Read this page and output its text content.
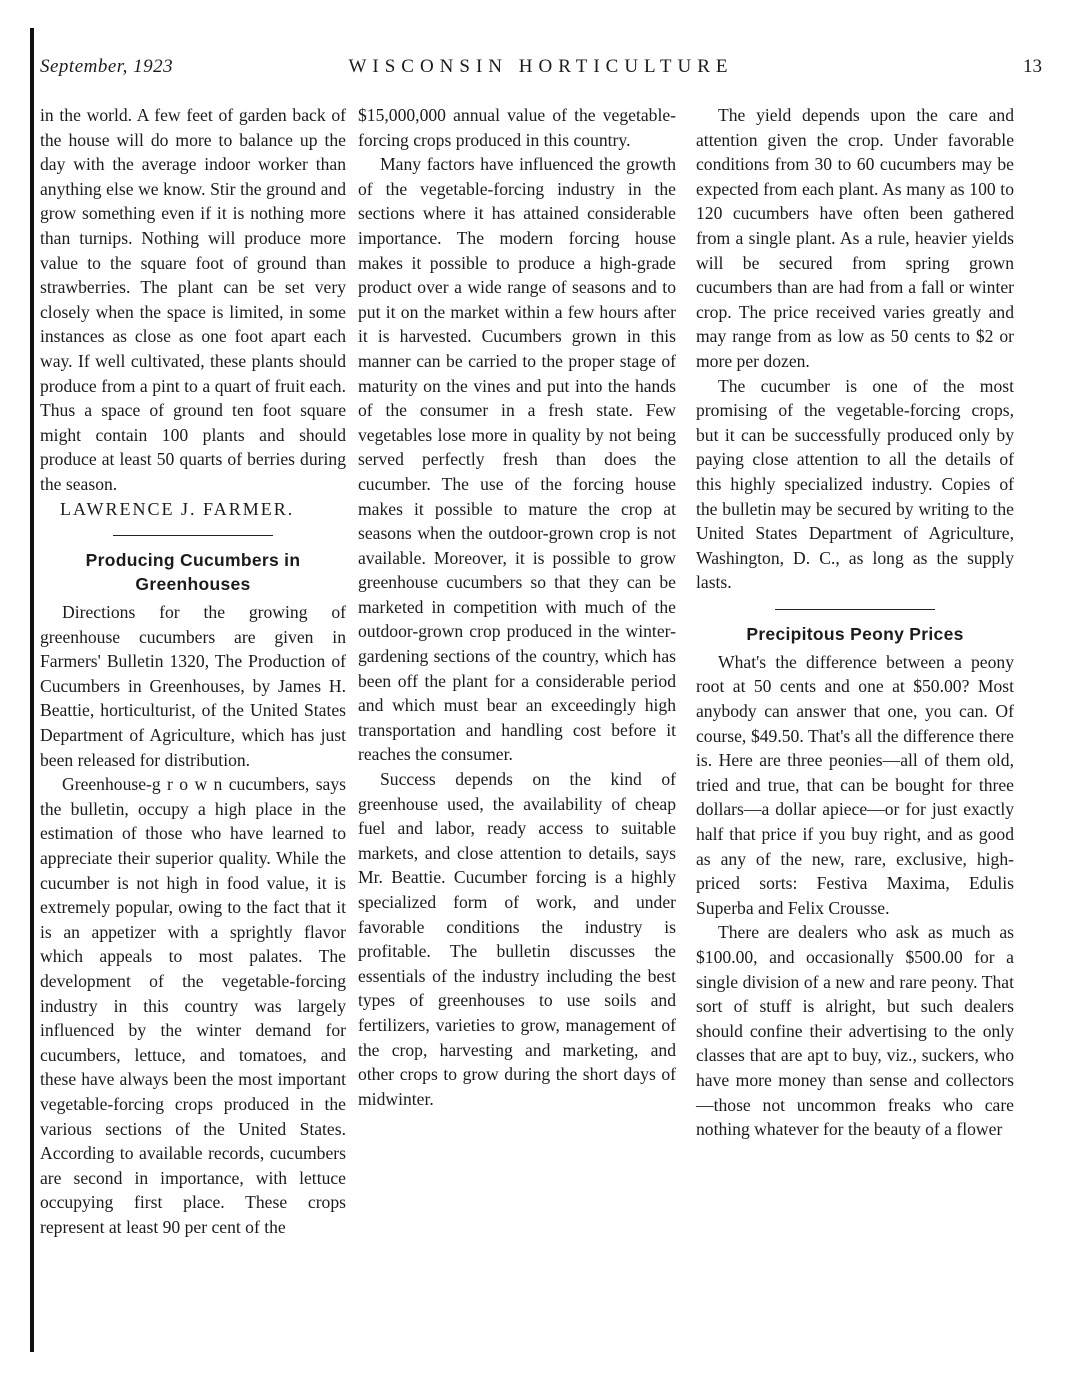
September, 1923	WISCONSIN HORTICULTURE	13

in the world. A few feet of garden back of the house will do more to balance up the day with the average indoor worker than anything else we know. Stir the ground and grow something even if it is nothing more than turnips. Nothing will produce more value to the square foot of ground than strawberries. The plant can be set very closely when the space is limited, in some instances as close as one foot apart each way. If well cultivated, these plants should produce from a pint to a quart of fruit each. Thus a space of ground ten foot square might contain 100 plants and should produce at least 50 quarts of berries during the season.

LAWRENCE J. FARMER.

Producing Cucumbers in Greenhouses

Directions for the growing of greenhouse cucumbers are given in Farmers' Bulletin 1320, The Production of Cucumbers in Greenhouses, by James H. Beattie, horticulturist, of the United States Department of Agriculture, which has just been released for distribution.

Greenhouse-g r o w n cucumbers, says the bulletin, occupy a high place in the estimation of those who have learned to appreciate their superior quality. While the cucumber is not high in food value, it is extremely popular, owing to the fact that it is an appetizer with a sprightly flavor which appeals to most palates. The development of the vegetable-forcing industry in this country was largely influenced by the winter demand for cucumbers, lettuce, and tomatoes, and these have always been the most important vegetable-forcing crops produced in the various sections of the United States. According to available records, cucumbers are second in importance, with lettuce occupying first place. These crops represent at least 90 per cent of the

$15,000,000 annual value of the vegetable-forcing crops produced in this country.

Many factors have influenced the growth of the vegetable-forcing industry in the sections where it has attained considerable importance. The modern forcing house makes it possible to produce a high-grade product over a wide range of seasons and to put it on the market within a few hours after it is harvested. Cucumbers grown in this manner can be carried to the proper stage of maturity on the vines and put into the hands of the consumer in a fresh state. Few vegetables lose more in quality by not being served perfectly fresh than does the cucumber. The use of the forcing house makes it possible to mature the crop at seasons when the outdoor-grown crop is not available. Moreover, it is possible to grow greenhouse cucumbers so that they can be marketed in competition with much of the outdoor-grown crop produced in the winter-gardening sections of the country, which has been off the plant for a considerable period and which must bear an exceedingly high transportation and handling cost before it reaches the consumer.

Success depends on the kind of greenhouse used, the availability of cheap fuel and labor, ready access to suitable markets, and close attention to details, says Mr. Beattie. Cucumber forcing is a highly specialized form of work, and under favorable conditions the industry is profitable. The bulletin discusses the essentials of the industry including the best types of greenhouses to use soils and fertilizers, varieties to grow, management of the crop, harvesting and marketing, and other crops to grow during the short days of midwinter.

The yield depends upon the care and attention given the crop. Under favorable conditions from 30 to 60 cucumbers may be expected from each plant. As many as 100 to 120 cucumbers have often been gathered from a single plant. As a rule, heavier yields will be secured from spring grown cucumbers than are had from a fall or winter crop. The price received varies greatly and may range from as low as 50 cents to $2 or more per dozen.

The cucumber is one of the most promising of the vegetable-forcing crops, but it can be successfully produced only by paying close attention to all the details of this highly specialized industry. Copies of the bulletin may be secured by writing to the United States Department of Agriculture, Washington, D. C., as long as the supply lasts.

Precipitous Peony Prices

What's the difference between a peony root at 50 cents and one at $50.00? Most anybody can answer that one, you can. Of course, $49.50. That's all the difference there is. Here are three peonies—all of them old, tried and true, that can be bought for three dollars—a dollar apiece—or for just exactly half that price if you buy right, and as good as any of the new, rare, exclusive, high-priced sorts: Festiva Maxima, Edulis Superba and Felix Crousse.

There are dealers who ask as much as $100.00, and occasionally $500.00 for a single division of a new and rare peony. That sort of stuff is alright, but such dealers should confine their advertising to the only classes that are apt to buy, viz., suckers, who have more money than sense and collectors—those not uncommon freaks who care nothing whatever for the beauty of a flower
